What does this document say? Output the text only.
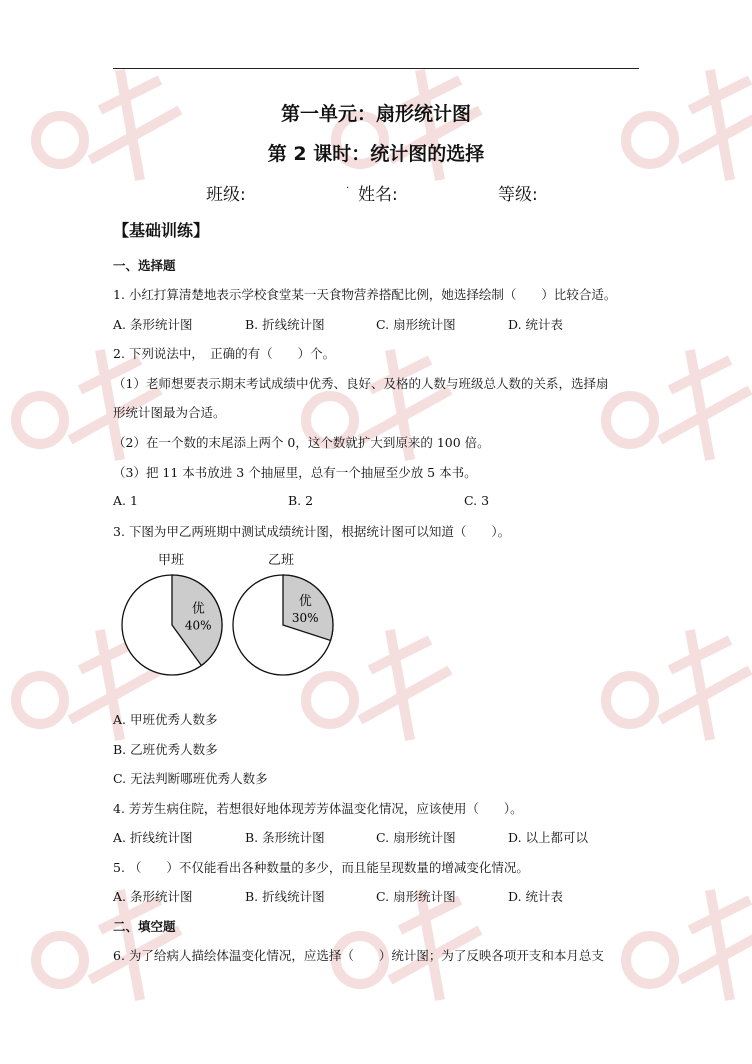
第一单元：扇形统计图
第 2 课时：统计图的选择
班级:	. 姓名:	等级:
【基础训练】
一、选择题
1. 小红打算清楚地表示学校食堂某一天食物营养搭配比例，她选择绘制（　　）比较合适。
A. 条形统计图	B. 折线统计图	C. 扇形统计图	D. 统计表
2. 下列说法中，　正确的有（　　）个。
（1）老师想要表示期末考试成绩中优秀、良好、及格的人数与班级总人数的关系，选择扇
形统计图最为合适。
（2）在一个数的末尾添上两个 0，这个数就扩大到原来的 100 倍。
（3）把 11 本书放进 3 个抽屉里，总有一个抽屉至少放 5 本书。
A. 1	B. 2	C. 3
3. 下图为甲乙两班期中测试成绩统计图，根据统计图可以知道（　　）。
甲班
优
40%
乙班
优
30%
A. 甲班优秀人数多
B. 乙班优秀人数多
C. 无法判断哪班优秀人数多
4. 芳芳生病住院，若想很好地体现芳芳体温变化情况，应该使用（　　）。
A. 折线统计图	B. 条形统计图	C. 扇形统计图	D. 以上都可以
5. （　　）不仅能看出各种数量的多少，而且能呈现数量的增减变化情况。
A. 条形统计图	B. 折线统计图	C. 扇形统计图	D. 统计表
二、填空题
6. 为了给病人描绘体温变化情况，应选择（　　）统计图；为了反映各项开支和本月总支
